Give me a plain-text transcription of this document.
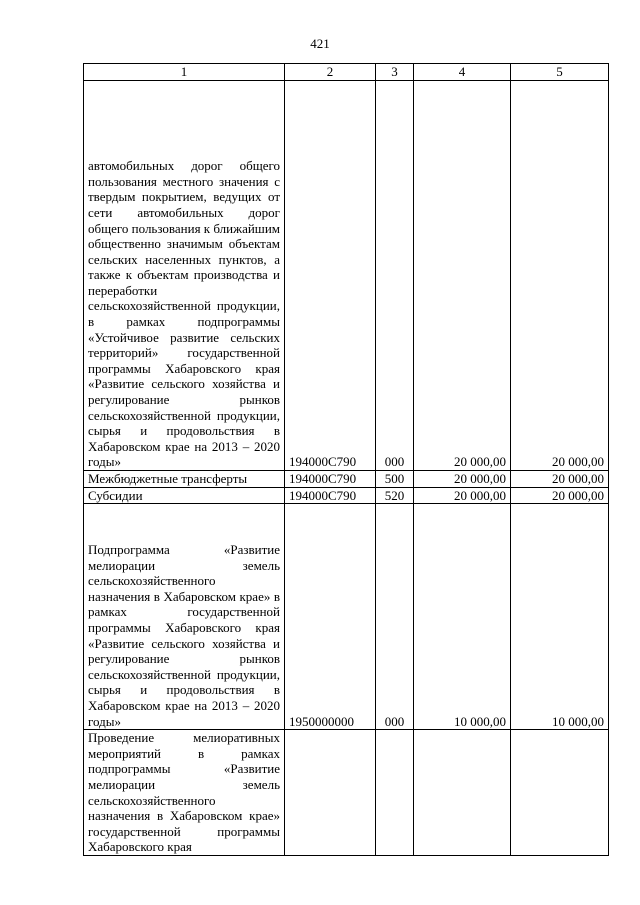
421
1	2	3	4	5
автомобильных дорог общего пользования местного значения с твердым покрытием, ведущих от сети автомобильных дорог общего пользования к ближайшим общественно значимым объектам сельских населенных пунктов, а также к объектам производства и переработки сельскохозяйственной продукции, в рамках подпрограммы «Устойчивое развитие сельских территорий» государственной программы Хабаровского края «Развитие сельского хозяйства и регулирование рынков сельскохозяйственной продукции, сырья и продовольствия в Хабаровском крае на 2013 – 2020 годы»	194000С790	000	20 000,00	20 000,00
Межбюджетные трансферты	194000С790	500	20 000,00	20 000,00
Субсидии	194000С790	520	20 000,00	20 000,00
Подпрограмма «Развитие мелиорации земель сельскохозяйственного назначения в Хабаровском крае» в рамках государственной программы Хабаровского края «Развитие сельского хозяйства и регулирование рынков сельскохозяйственной продукции, сырья и продовольствия в Хабаровском крае на 2013 – 2020 годы»	1950000000	000	10 000,00	10 000,00
Проведение мелиоративных мероприятий в рамках подпрограммы «Развитие мелиорации земель сельскохозяйственного назначения в Хабаровском крае» государственной программы Хабаровского края				
